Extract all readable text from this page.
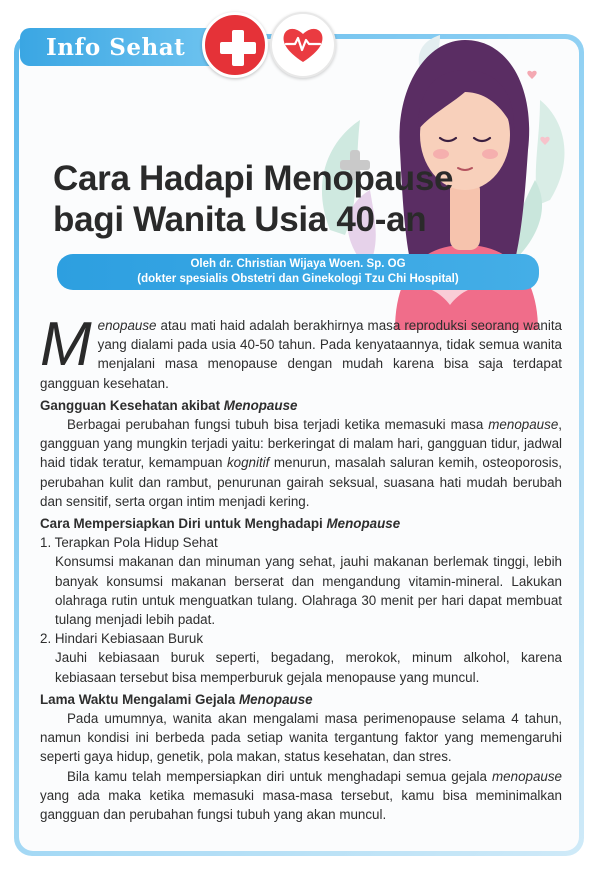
Info Sehat
Cara Hadapi Menopause
bagi Wanita Usia 40-an
Oleh dr. Christian Wijaya Woen. Sp. OG
(dokter spesialis Obstetri dan Ginekologi Tzu Chi Hospital)

Menopause atau mati haid adalah berakhirnya masa reproduksi seorang wanita yang dialami pada usia 40-50 tahun. Pada kenyataannya, tidak semua wanita menjalani masa menopause dengan mudah karena bisa saja terdapat gangguan kesehatan.

Gangguan Kesehatan akibat Menopause

Berbagai perubahan fungsi tubuh bisa terjadi ketika memasuki masa menopause, gangguan yang mungkin terjadi yaitu: berkeringat di malam hari, gangguan tidur, jadwal haid tidak teratur, kemampuan kognitif menurun, masalah saluran kemih, osteoporosis, perubahan kulit dan rambut, penurunan gairah seksual, suasana hati mudah berubah dan sensitif, serta organ intim menjadi kering.

Cara Mempersiapkan Diri untuk Menghadapi Menopause

1. Terapkan Pola Hidup Sehat

Konsumsi makanan dan minuman yang sehat, jauhi makanan berlemak tinggi, lebih banyak konsumsi makanan berserat dan mengandung vitamin-mineral. Lakukan olahraga rutin untuk menguatkan tulang. Olahraga 30 menit per hari dapat membuat tulang menjadi lebih padat.

2. Hindari Kebiasaan Buruk

Jauhi kebiasaan buruk seperti, begadang, merokok, minum alkohol, karena kebiasaan tersebut bisa memperburuk gejala menopause yang muncul.

Lama Waktu Mengalami Gejala Menopause

Pada umumnya, wanita akan mengalami masa perimenopause selama 4 tahun, namun kondisi ini berbeda pada setiap wanita tergantung faktor yang memengaruhi seperti gaya hidup, genetik, pola makan, status kesehatan, dan stres.

Bila kamu telah mempersiapkan diri untuk menghadapi semua gejala menopause yang ada maka ketika memasuki masa-masa tersebut, kamu bisa meminimalkan gangguan dan perubahan fungsi tubuh yang akan muncul.
